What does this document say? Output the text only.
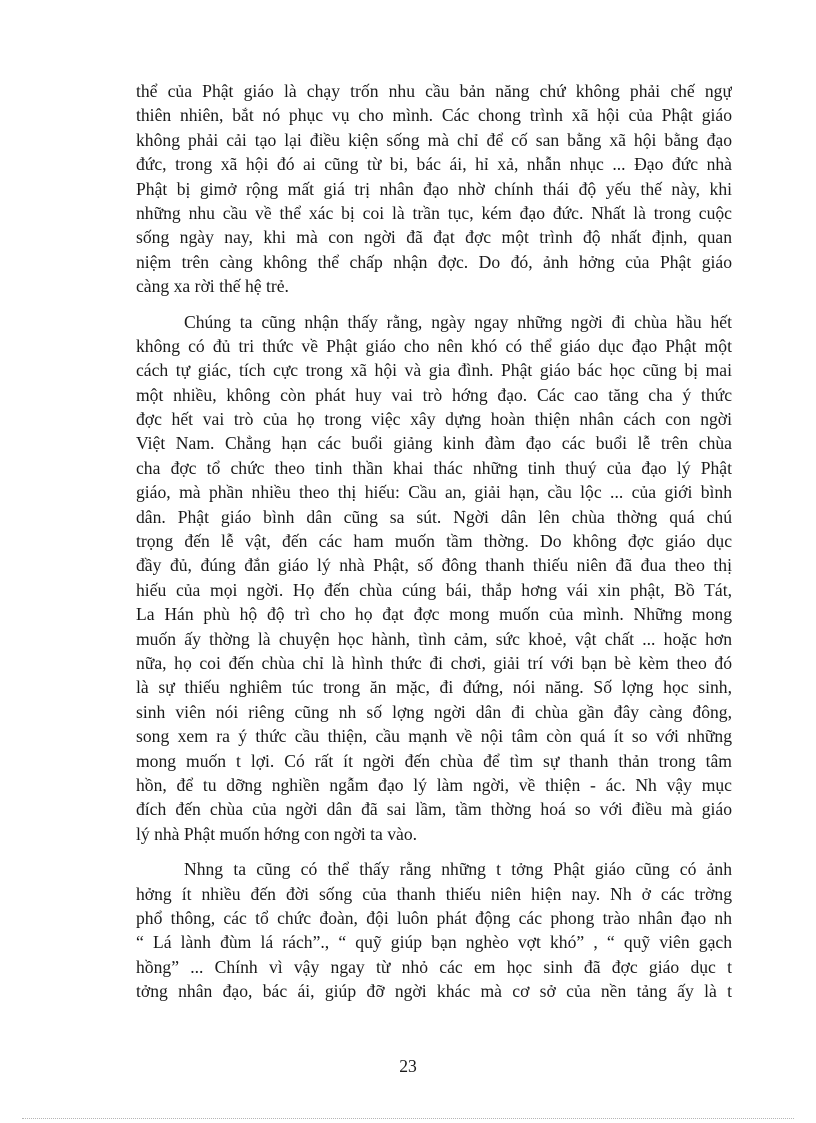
thể của Phật giáo là chạy trốn nhu cầu bản năng chứ không phải chế ngự
thiên nhiên, bắt nó phục vụ cho mình. Các chong trình xã hội của Phật giáo
không phải cải tạo lại điều kiện sống mà chỉ để cố san bằng xã hội bằng đạo
đức, trong xã hội đó ai cũng từ bi, bác ái, hỉ xả, nhẫn nhục ... Đạo đức nhà
Phật bị gimở rộng mất giá trị nhân đạo nhờ chính thái độ yếu thế này, khi
những nhu cầu về thể xác bị coi là trần tục, kém đạo đức. Nhất là trong cuộc
sống ngày nay, khi mà con ngời đã đạt đợc một trình độ nhất định, quan
niệm trên càng không thể chấp nhận đợc. Do đó, ảnh hởng của Phật giáo
càng xa rời thế hệ trẻ.
Chúng ta cũng nhận thấy rằng, ngày ngay những ngời đi chùa hầu hết
không có đủ tri thức về Phật giáo cho nên khó có thể giáo dục đạo Phật một
cách tự giác, tích cực trong xã hội và gia đình. Phật giáo bác học cũng bị mai
một nhiều, không còn phát huy vai trò hớng đạo. Các cao tăng cha ý thức
đợc hết vai trò của họ trong việc xây dựng hoàn thiện nhân cách con ngời
Việt Nam. Chẳng hạn các buổi giảng kinh đàm đạo các buổi lễ trên chùa
cha đợc tổ chức theo tinh thần khai thác những tinh thuý của đạo lý Phật
giáo, mà phần nhiều theo thị hiếu: Cầu an, giải hạn, cầu lộc ... của giới bình
dân. Phật giáo bình dân cũng sa sút. Ngời dân lên chùa thờng quá chú
trọng đến lễ vật, đến các ham muốn tầm thờng. Do không đợc giáo dục
đầy đủ, đúng đắn giáo lý nhà Phật, số đông thanh thiếu niên đã đua theo thị
hiếu của mọi ngời. Họ đến chùa cúng bái, thắp hơng vái xin phật, Bồ Tát,
La Hán phù hộ độ trì cho họ đạt đợc mong muốn của mình. Những mong
muốn ấy thờng là chuyện học hành, tình cảm, sức khoẻ, vật chất ... hoặc hơn
nữa, họ coi đến chùa chỉ là hình thức đi chơi, giải trí với bạn bè kèm theo đó
là sự thiếu nghiêm túc trong ăn mặc, đi đứng, nói năng. Số lợng học sinh,
sinh viên nói riêng cũng nh số lợng ngời dân đi chùa gần đây càng đông,
song xem ra ý thức cầu thiện, cầu mạnh về nội tâm còn quá ít so với những
mong muốn t lợi. Có rất ít ngời đến chùa để tìm sự thanh thản trong tâm
hồn, để tu dỡng nghiền ngẫm đạo lý làm ngời, về thiện - ác. Nh vậy mục
đích đến chùa của ngời dân đã sai lầm, tầm thờng hoá so với điều mà giáo
lý nhà Phật muốn hớng con ngời ta vào.
Nhng ta cũng có thể thấy rằng những t tởng Phật giáo cũng có ảnh
hởng ít nhiều đến đời sống của thanh thiếu niên hiện nay. Nh ở các trờng
phổ thông, các tổ chức đoàn, đội luôn phát động các phong trào nhân đạo nh
“ Lá lành đùm lá rách”., “ quỹ giúp bạn nghèo vợt khó” , “ quỹ viên gạch
hồng” ... Chính vì vậy ngay từ nhỏ các em học sinh đã đợc giáo dục t
tởng nhân đạo, bác ái, giúp đỡ ngời khác mà cơ sở của nền tảng ấy là t
23
